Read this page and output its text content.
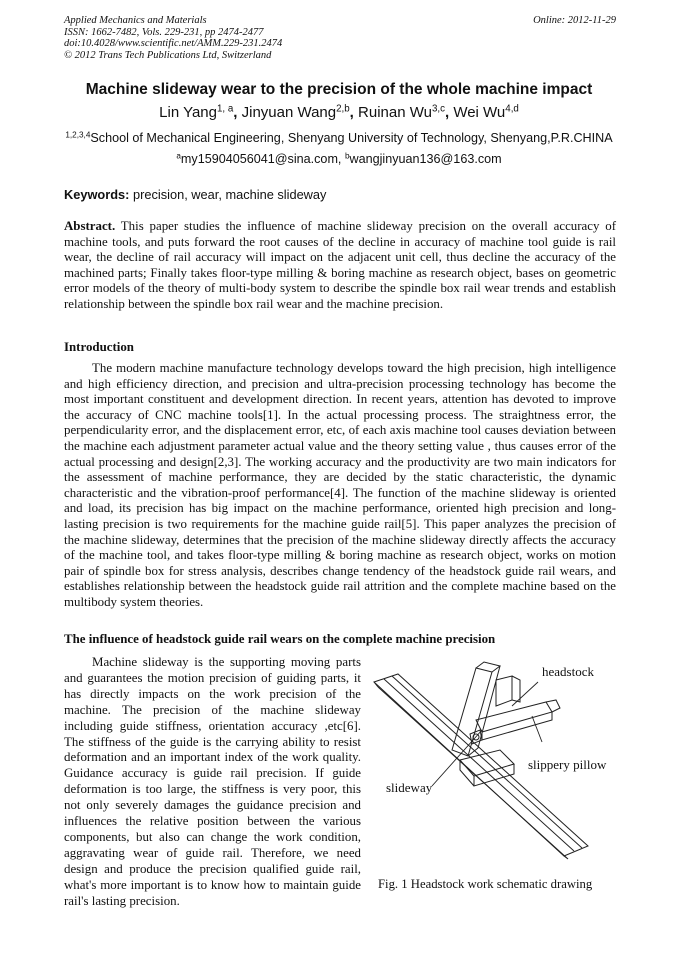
Applied Mechanics and Materials
ISSN: 1662-7482, Vols. 229-231, pp 2474-2477
doi:10.4028/www.scientific.net/AMM.229-231.2474
© 2012 Trans Tech Publications Ltd, Switzerland
Online: 2012-11-29
Machine slideway wear to the precision of the whole machine impact
Lin Yang$^{1, a}$, Jinyuan Wang$^{2,b}$, Ruinan Wu$^{3,c}$, Wei Wu$^{4,d}$
$^{1,2,3,4}$School of Mechanical Engineering, Shenyang University of Technology, Shenyang,P.R.CHINA
$^a$my15904056041@sina.com, $^b$wangjinyuan136@163.com
Keywords: precision, wear, machine slideway

Abstract. This paper studies the influence of machine slideway precision on the overall accuracy of machine tools, and puts forward the root causes of the decline in accuracy of machine tool guide is rail wear, the decline of rail accuracy will impact on the adjacent unit cell, thus decline the accuracy of the machined parts; Finally takes floor-type milling & boring machine as research object, bases on geometric error models of the theory of multi-body system to describe the spindle box rail wear trends and establish relationship between the spindle box rail wear and the machine precision.

Introduction

The modern machine manufacture technology develops toward the high precision, high intelligence and high efficiency direction, and precision and ultra-precision processing technology has become the most important constituent and development direction. In recent years, attention has devoted to improve the accuracy of CNC machine tools[1]. In the actual processing process. The straightness error, the perpendicularity error, and the displacement error, etc, of each axis machine tool causes deviation between the machine each adjustment parameter actual value and the theory setting value , thus causes error of the actual processing and design[2,3]. The working accuracy and the productivity are two main indicators for the assessment of machine performance, they are decided by the static characteristic, the dynamic characteristic and the vibration-proof performance[4]. The function of the machine slideway is oriented and load, its precision has big impact on the machine performance, oriented high precision and long-lasting precision is two requirements for the machine guide rail[5]. This paper analyzes the precision of the machine slideway, determines that the precision of the machine slideway directly affects the accuracy of the machine tool, and takes floor-type milling & boring machine as research object, works on motion pair of spindle box for stress analysis, describes change tendency of the headstock guide rail wears, and establishes relationship between the headstock guide rail attrition and the complete machine based on the multibody system theories.

The influence of headstock guide rail wears on the complete machine precision

Machine slideway is the supporting moving parts and guarantees the motion precision of guiding parts, it has directly impacts on the work precision of the machine. The precision of the machine slideway including guide stiffness, orientation accuracy ,etc[6]. The stiffness of the guide is the carrying ability to resist deformation and an important index of the work quality. Guidance accuracy is guide rail precision. If guide deformation is too large, the stiffness is very poor, this not only severely damages the guidance precision and influences the relative position between the various components, but also can change the work condition, aggravating wear of guide rail. Therefore, we need design and produce the precision qualified guide rail, what's more important is to know how to maintain guide rail's lasting precision.

headstock
slippery pillow
slideway
Fig. 1 Headstock work schematic drawing
